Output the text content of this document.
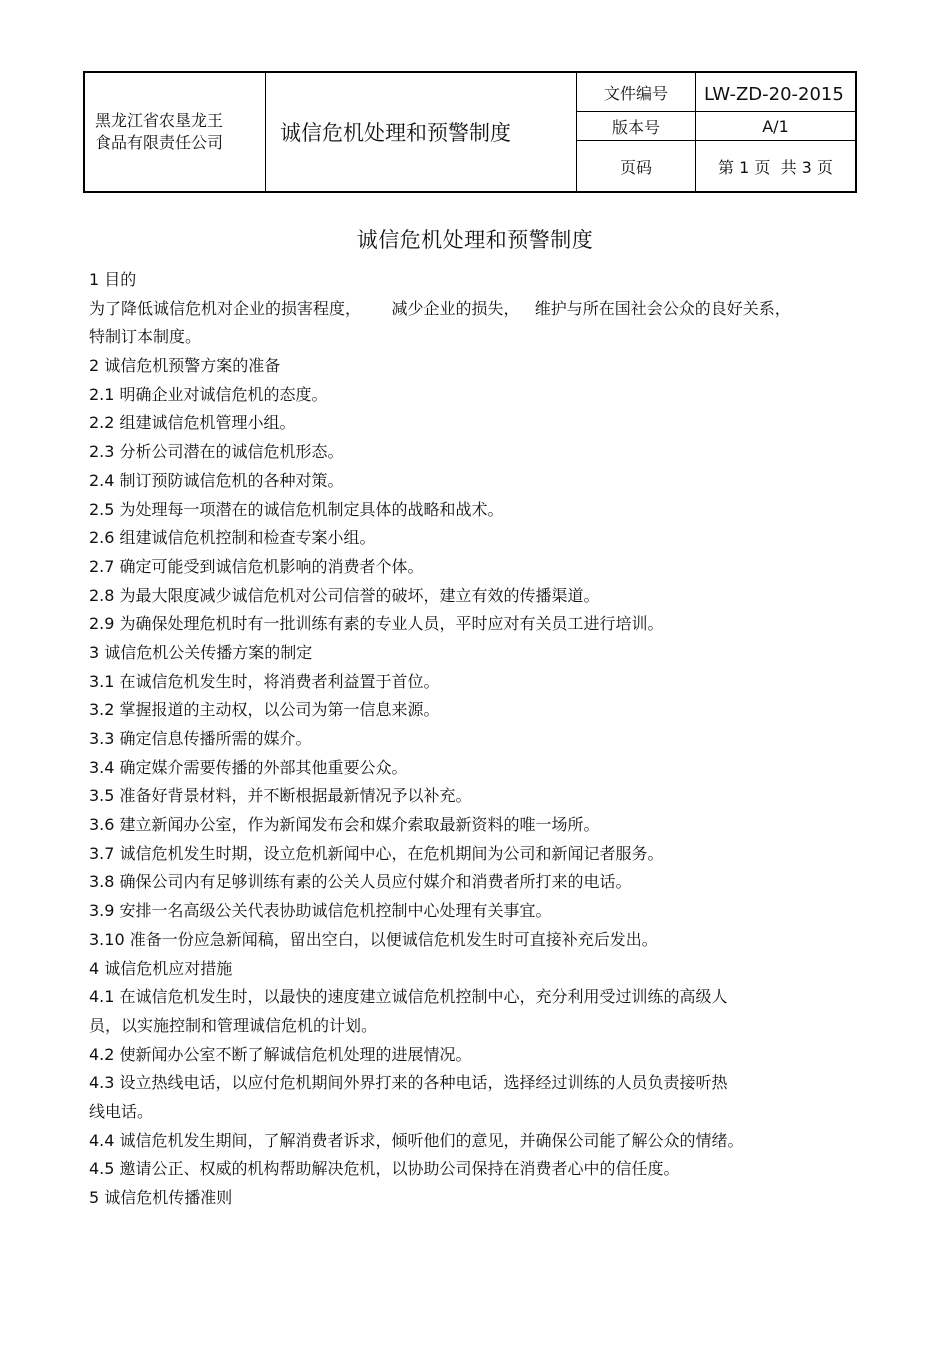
黑龙江省农垦龙王
食品有限责任公司	诚信危机处理和预警制度
文件编号	LW-ZD-20-2015
版本号	A/1
页码	第 1 页  共 3 页
诚信危机处理和预警制度
1 目的
为了降低诚信危机对企业的损害程度，      减少企业的损失，   维护与所在国社会公众的良好关系，
特制订本制度。
2 诚信危机预警方案的准备
2.1 明确企业对诚信危机的态度。
2.2 组建诚信危机管理小组。
2.3 分析公司潜在的诚信危机形态。
2.4 制订预防诚信危机的各种对策。
2.5 为处理每一项潜在的诚信危机制定具体的战略和战术。
2.6 组建诚信危机控制和检查专案小组。
2.7 确定可能受到诚信危机影响的消费者个体。
2.8 为最大限度减少诚信危机对公司信誉的破坏，建立有效的传播渠道。
2.9 为确保处理危机时有一批训练有素的专业人员，平时应对有关员工进行培训。
3 诚信危机公关传播方案的制定
3.1 在诚信危机发生时，将消费者利益置于首位。
3.2 掌握报道的主动权，以公司为第一信息来源。
3.3 确定信息传播所需的媒介。
3.4 确定媒介需要传播的外部其他重要公众。
3.5 准备好背景材料，并不断根据最新情况予以补充。
3.6 建立新闻办公室，作为新闻发布会和媒介索取最新资料的唯一场所。
3.7 诚信危机发生时期，设立危机新闻中心，在危机期间为公司和新闻记者服务。
3.8 确保公司内有足够训练有素的公关人员应付媒介和消费者所打来的电话。
3.9 安排一名高级公关代表协助诚信危机控制中心处理有关事宜。
3.10 准备一份应急新闻稿，留出空白，以便诚信危机发生时可直接补充后发出。
4 诚信危机应对措施
4.1 在诚信危机发生时，以最快的速度建立诚信危机控制中心，充分利用受过训练的高级人
员，以实施控制和管理诚信危机的计划。
4.2 使新闻办公室不断了解诚信危机处理的进展情况。
4.3 设立热线电话，以应付危机期间外界打来的各种电话，选择经过训练的人员负责接听热
线电话。
4.4 诚信危机发生期间，了解消费者诉求，倾听他们的意见，并确保公司能了解公众的情绪。
4.5 邀请公正、权威的机构帮助解决危机，以协助公司保持在消费者心中的信任度。
5 诚信危机传播准则
